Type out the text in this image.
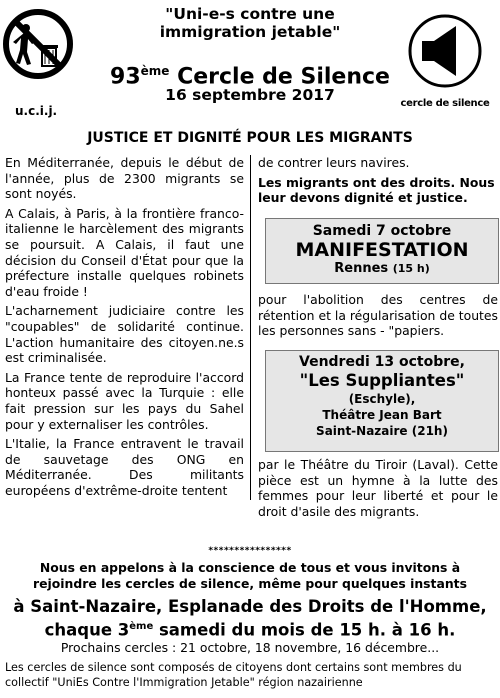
u.c.i.j.
"Uni-e-s contre une
immigration jetable"
93ème Cercle de Silence
16 septembre 2017	cercle de silence
JUSTICE ET DIGNITÉ POUR LES MIGRANTS

En Méditerranée, depuis le début de l'année, plus de 2300 migrants se sont noyés.

A Calais, à Paris, à la frontière franco-italienne le harcèlement des migrants se poursuit. A Calais, il faut une décision du Conseil d'État pour que la préfecture installe quelques robinets d'eau froide !

L'acharnement judiciaire contre les "coupables" de solidarité continue. L'action humanitaire des citoyen.ne.s est criminalisée.

La France tente de reproduire l'accord honteux passé avec la Turquie : elle fait pression sur les pays du Sahel pour y externaliser les contrôles.

L'Italie, la France entravent le travail de sauvetage des ONG en Méditerranée. Des militants européens d'extrême-droite tentent

de contrer leurs navires.

Les migrants ont des droits. Nous leur devons dignité et justice.

Samedi 7 octobre
MANIFESTATION
Rennes (15 h)

pour l'abolition des centres de rétention et la régularisation de toutes les personnes sans - "papiers.

Vendredi 13 octobre,
"Les Suppliantes"
(Eschyle),
Théâtre Jean Bart
Saint-Nazaire (21h)

par le Théâtre du Tiroir (Laval). Cette pièce est un hymne à la lutte des femmes pour leur liberté et pour le droit d'asile des migrants.

****************
Nous en appelons à la conscience de tous et vous invitons à rejoindre les cercles de silence, même pour quelques instants
à Saint-Nazaire, Esplanade des Droits de l'Homme,
chaque 3ème samedi du mois de 15 h. à 16 h.
Prochains cercles : 21 octobre, 18 novembre, 16 décembre...
Les cercles de silence sont composés de citoyens dont certains sont membres du collectif "UniEs Contre l'Immigration Jetable" région nazairienne
